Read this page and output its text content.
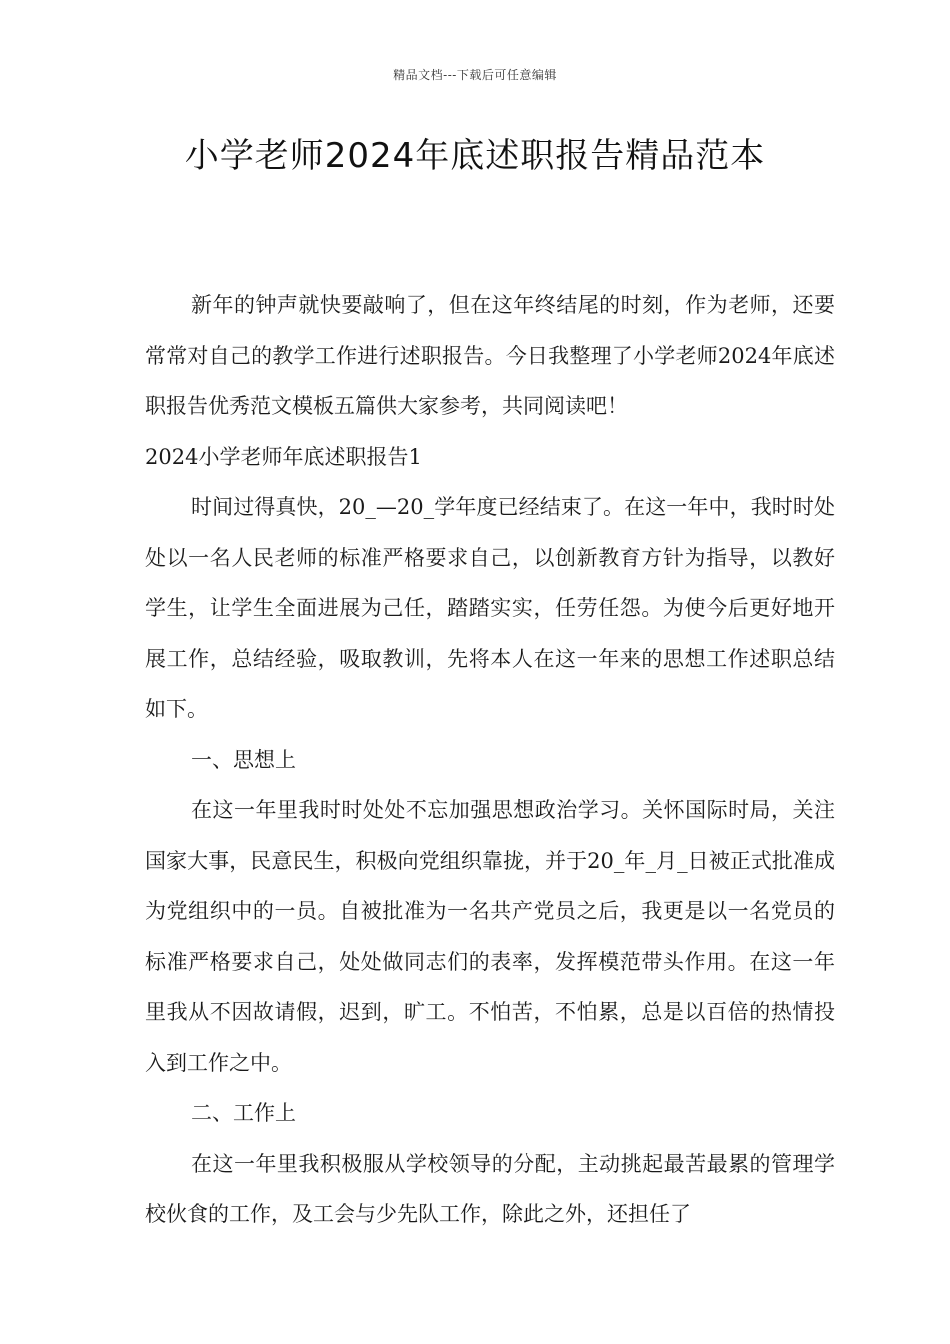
精品文档---下载后可任意编辑
小学老师2024年底述职报告精品范本

新年的钟声就快要敲响了，但在这年终结尾的时刻，作为老师，还要常常对自己的教学工作进行述职报告。今日我整理了小学老师2024年底述职报告优秀范文模板五篇供大家参考，共同阅读吧！

2024小学老师年底述职报告1

时间过得真快，20_—20_学年度已经结束了。在这一年中，我时时处处以一名人民老师的标准严格要求自己，以创新教育方针为指导，以教好学生，让学生全面进展为己任，踏踏实实，任劳任怨。为使今后更好地开展工作，总结经验，吸取教训，先将本人在这一年来的思想工作述职总结如下。

一、思想上

在这一年里我时时处处不忘加强思想政治学习。关怀国际时局，关注国家大事，民意民生，积极向党组织靠拢，并于20_年_月_日被正式批准成为党组织中的一员。自被批准为一名共产党员之后，我更是以一名党员的标准严格要求自己，处处做同志们的表率，发挥模范带头作用。在这一年里我从不因故请假，迟到，旷工。不怕苦，不怕累，总是以百倍的热情投入到工作之中。

二、工作上

在这一年里我积极服从学校领导的分配，主动挑起最苦最累的管理学校伙食的工作，及工会与少先队工作，除此之外，还担任了
